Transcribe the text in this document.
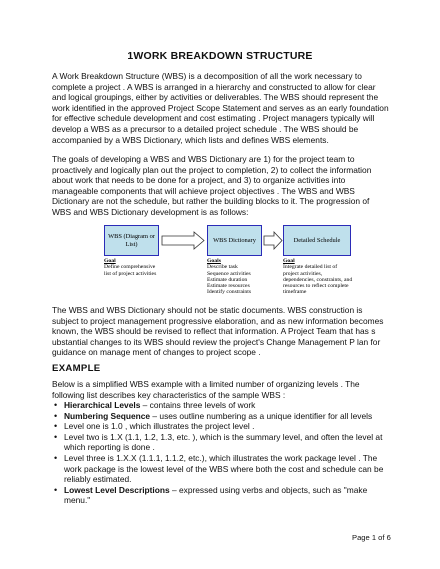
1WORK BREAKDOWN STRUCTURE

A Work Breakdown Structure (WBS) is a decomposition of all the work necessary to complete a project . A WBS is arranged in a hierarchy and constructed to allow for clear and logical groupings, either by activities or deliverables. The WBS should represent the work identified in the approved Project Scope Statement and serves as an early foundation for effective schedule development and cost estimating . Project managers typically will develop a WBS as a precursor to a detailed project schedule . The WBS should be accompanied by a WBS Dictionary, which lists and defines WBS elements.

The goals of developing a WBS and WBS Dictionary are 1) for the project team to proactively and logically plan out the project to completion, 2) to collect the information about work that needs to be done for a project, and 3) to organize activities into manageable components that will achieve project objectives . The WBS and WBS Dictionary are not the schedule, but rather the building blocks to it. The progression of WBS and WBS Dictionary development is as follows:

WBS (Diagram or List)
WBS Dictionary	Detailed Schedule
Goal
Define comprehensive
list of project activities
Goals
Describe task
Sequence activities
Estimate duration
Estimate resources
Identify constraints
Goal
Integrate detailed list of
project activities,
dependencies, constraints, and
resources to reflect complete
timeframe

The WBS and WBS Dictionary should not be static documents. WBS construction is subject to project management progressive elaboration, and as new information becomes known, the WBS should be revised to reflect that information. A Project Team that has s ubstantial changes to its WBS should review the project's Change Management P lan for guidance on manage ment of changes to project scope .

EXAMPLE

Below is a simplified WBS example with a limited number of organizing levels . The following list describes key characteristics of the sample WBS :

• Hierarchical Levels – contains three levels of work
• Numbering Sequence – uses outline numbering as a unique identifier for all levels
• Level one is 1.0 , which illustrates the project level .
• Level two is 1.X (1.1, 1.2, 1.3, etc. ), which is the summary level, and often the level at which reporting is done .
• Level three is 1.X.X (1.1.1, 1.1.2, etc.), which illustrates the work package level . The work package is the lowest level of the WBS where both the cost and schedule can be reliably estimated.
• Lowest Level Descriptions – expressed using verbs and objects, such as "make menu."
Page 1 of 6
